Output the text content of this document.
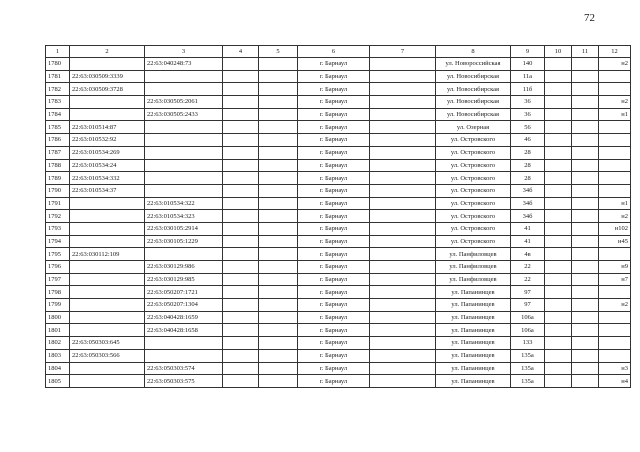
72
1	2	3	4	5	6	7	8	9	10	11	12
1780		22:63:040248:73			г. Барнаул		ул. Новороссийская	140			н2
1781	22:63:030509:3339				г. Барнаул		ул. Новосибирская	11а			
1782	22:63:030509:3728				г. Барнаул		ул. Новосибирская	11б			
1783		22:63:030505:2061			г. Барнаул		ул. Новосибирская	36			н2
1784		22:63:030505:2433			г. Барнаул		ул. Новосибирская	36			н1
1785	22:63:010514:87				г. Барнаул		ул. Озерная	56			
1786	22:63:010532:92				г. Барнаул		ул. Островского	46			
1787	22:63:010534:269				г. Барнаул		ул. Островского	28			
1788	22:63:010534:24				г. Барнаул		ул. Островского	28			
1789	22:63:010534:332				г. Барнаул		ул. Островского	28			
1790	22:63:010534:37				г. Барнаул		ул. Островского	34б			
1791		22:63:010534:322			г. Барнаул		ул. Островского	34б			н1
1792		22:63:010534:323			г. Барнаул		ул. Островского	34б			н2
1793		22:63:030105:2914			г. Барнаул		ул. Островского	41			н102
1794		22:63:030105:1229			г. Барнаул		ул. Островского	41			н45
1795	22:63:030112:109				г. Барнаул		ул. Панфиловцев	4в			
1796		22:63:030129:986			г. Барнаул		ул. Панфиловцев	22			н9
1797		22:63:030129:985			г. Барнаул		ул. Панфиловцев	22			н7
1798		22:63:050207:1721			г. Барнаул		ул. Папанинцев	97			
1799		22:63:050207:1304			г. Барнаул		ул. Папанинцев	97			н2
1800		22:63:040428:1659			г. Барнаул		ул. Папанинцев	106а			
1801		22:63:040428:1658			г. Барнаул		ул. Папанинцев	106а			
1802	22:63:050303:645				г. Барнаул		ул. Папанинцев	133			
1803	22:63:050303:566				г. Барнаул		ул. Папанинцев	135а			
1804		22:63:050303:574			г. Барнаул		ул. Папанинцев	135а			н3
1805		22:63:050303:575			г. Барнаул		ул. Папанинцев	135а			н4
